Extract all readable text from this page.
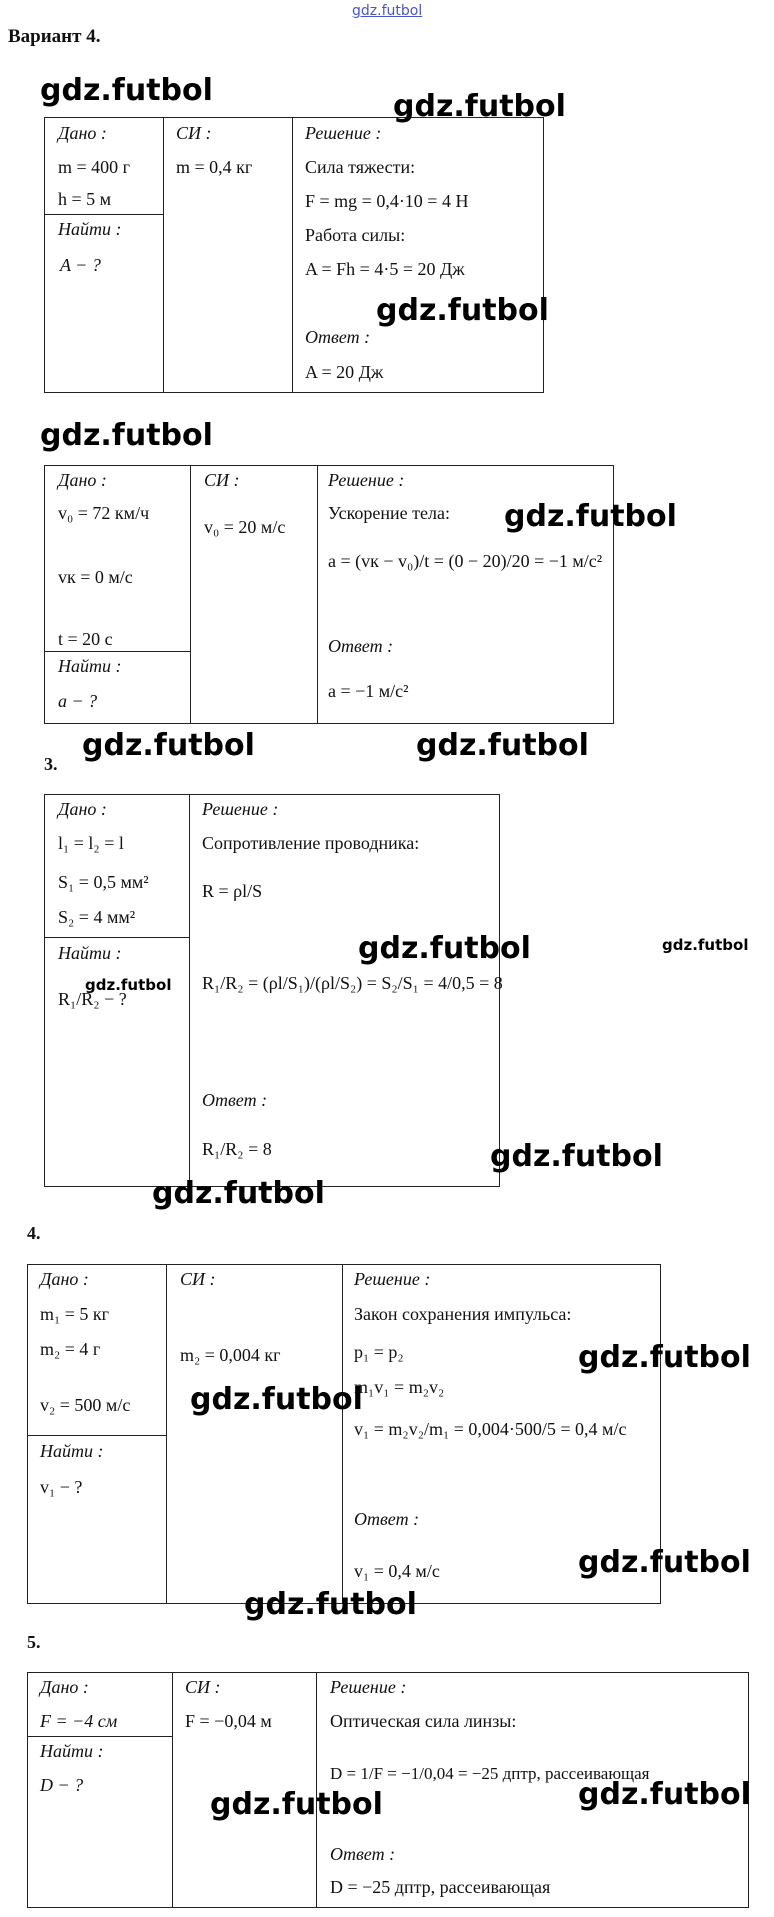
gdz.futbol
Вариант 4.
Дано :
m = 400 г
h = 5 м
Найти :
A − ?
СИ :
m = 0,4 кг
Решение :
Сила тяжести:
F = mg = 0,4·10 = 4 Н
Работа силы:
A = Fh = 4·5 = 20 Дж
Ответ :
A = 20 Дж
Дано :
v₀ = 72 км/ч
vк = 0 м/с
t = 20 с
Найти :
a − ?
СИ :
v₀ = 20 м/с
Решение :
Ускорение тела:
a = (vк − v₀)/t = (0 − 20)/20 = −1 м/с²
Ответ :
a = −1 м/с²
3.
Дано :
l₁ = l₂ = l
S₁ = 0,5 мм²
S₂ = 4 мм²
Найти :
R₁/R₂ − ?
Решение :
Сопротивление проводника:
R = ρl/S
R₁/R₂ = (ρl/S₁)/(ρl/S₂) = S₂/S₁ = 4/0,5 = 8
Ответ :
R₁/R₂ = 8
4.
Дано :
m₁ = 5 кг
m₂ = 4 г
v₂ = 500 м/с
Найти :
v₁ − ?
СИ :
m₂ = 0,004 кг
Решение :
Закон сохранения импульса:
p₁ = p₂
m₁v₁ = m₂v₂
v₁ = m₂v₂/m₁ = 0,004·500/5 = 0,4 м/с
Ответ :
v₁ = 0,4 м/с
5.
Дано :
F = −4 см
Найти :
D − ?
СИ :
F = −0,04 м
Решение :
Оптическая сила линзы:
D = 1/F = −1/0,04 = −25 дптр, рассеивающая
Ответ :
D = −25 дптр, рассеивающая
gdz.futbol	gdz.futbol
gdz.futbol
gdz.futbol
gdz.futbol
gdz.futbol	gdz.futbol
gdz.futbol
gdz.futbol
gdz.futbol
gdz.futbol
gdz.futbol
gdz.futbol
gdz.futbol
gdz.futbol
gdz.futbol
gdz.futbol
gdz.futbol
